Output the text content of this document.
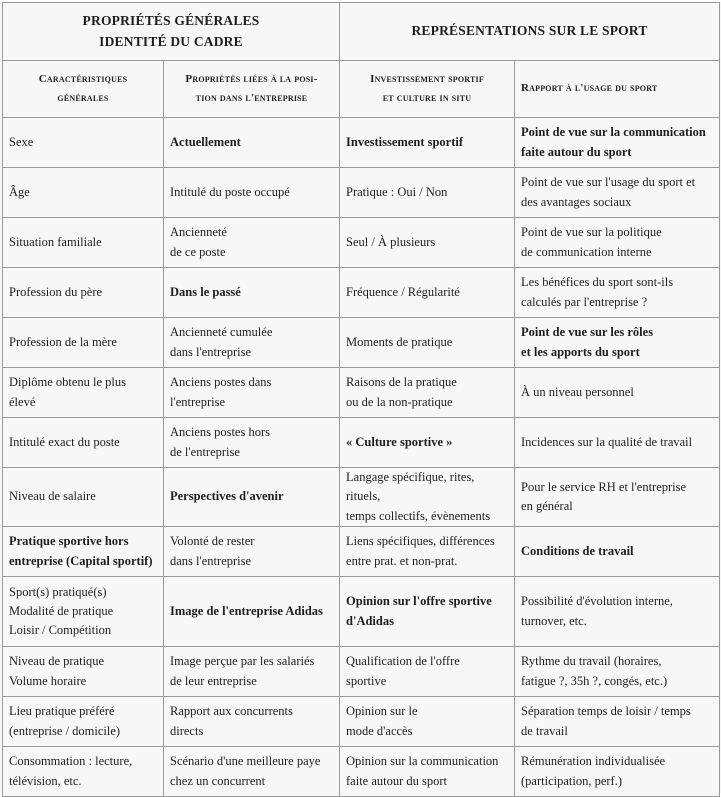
PROPRIÉTÉS GÉNÉRALES
IDENTITÉ DU CADRE		REPRÉSENTATIONS SUR LE SPORT	
Caractéristiques
générales	Propriétés liées à la posi-
tion dans l'entreprise	Investissement sportif
et culture in situ	Rapport à l'usage du sport

Sexe	Actuellement	Investissement sportif	Point de vue sur la communication
faite autour du sport

Âge	Intitulé du poste occupé	Pratique : Oui / Non	Point de vue sur l'usage du sport et
des avantages sociaux

Situation familiale	Ancienneté
de ce poste	Seul / À plusieurs	Point de vue sur la politique
de communication interne

Profession du père	Dans le passé	Fréquence / Régularité	Les bénéfices du sport sont-ils
calculés par l'entreprise ?

Profession de la mère	Ancienneté cumulée
dans l'entreprise	Moments de pratique	Point de vue sur les rôles
et les apports du sport

Diplôme obtenu le plus
élevé	Anciens postes dans
l'entreprise	Raisons de la pratique
ou de la non-pratique	À un niveau personnel

Intitulé exact du poste	Anciens postes hors
de l'entreprise	« Culture sportive »	Incidences sur la qualité de travail

Niveau de salaire	Perspectives d'avenir	Langage spécifique, rites, rituels,
temps collectifs, évènements	Pour le service RH et l'entreprise
en général

Pratique sportive hors
entreprise (Capital sportif)	Volonté de rester
dans l'entreprise	Liens spécifiques, différences
entre prat. et non-prat.	Conditions de travail

Sport(s) pratiqué(s)
Modalité de pratique
Loisir / Compétition	Image de l'entreprise Adidas	Opinion sur l'offre sportive
d'Adidas	Possibilité d'évolution interne,
turnover, etc.

Niveau de pratique
Volume horaire	Image perçue par les salariés
de leur entreprise	Qualification de l'offre
sportive	Rythme du travail (horaires,
fatigue ?, 35h ?, congés, etc.)

Lieu pratique préféré
(entreprise / domicile)	Rapport aux concurrents
directs	Opinion sur le
mode d'accès	Séparation temps de loisir / temps
de travail

Consommation : lecture,
télévision, etc.	Scénario d'une meilleure paye
chez un concurrent	Opinion sur la communication
faite autour du sport	Rémunération individualisée
(participation, perf.)
